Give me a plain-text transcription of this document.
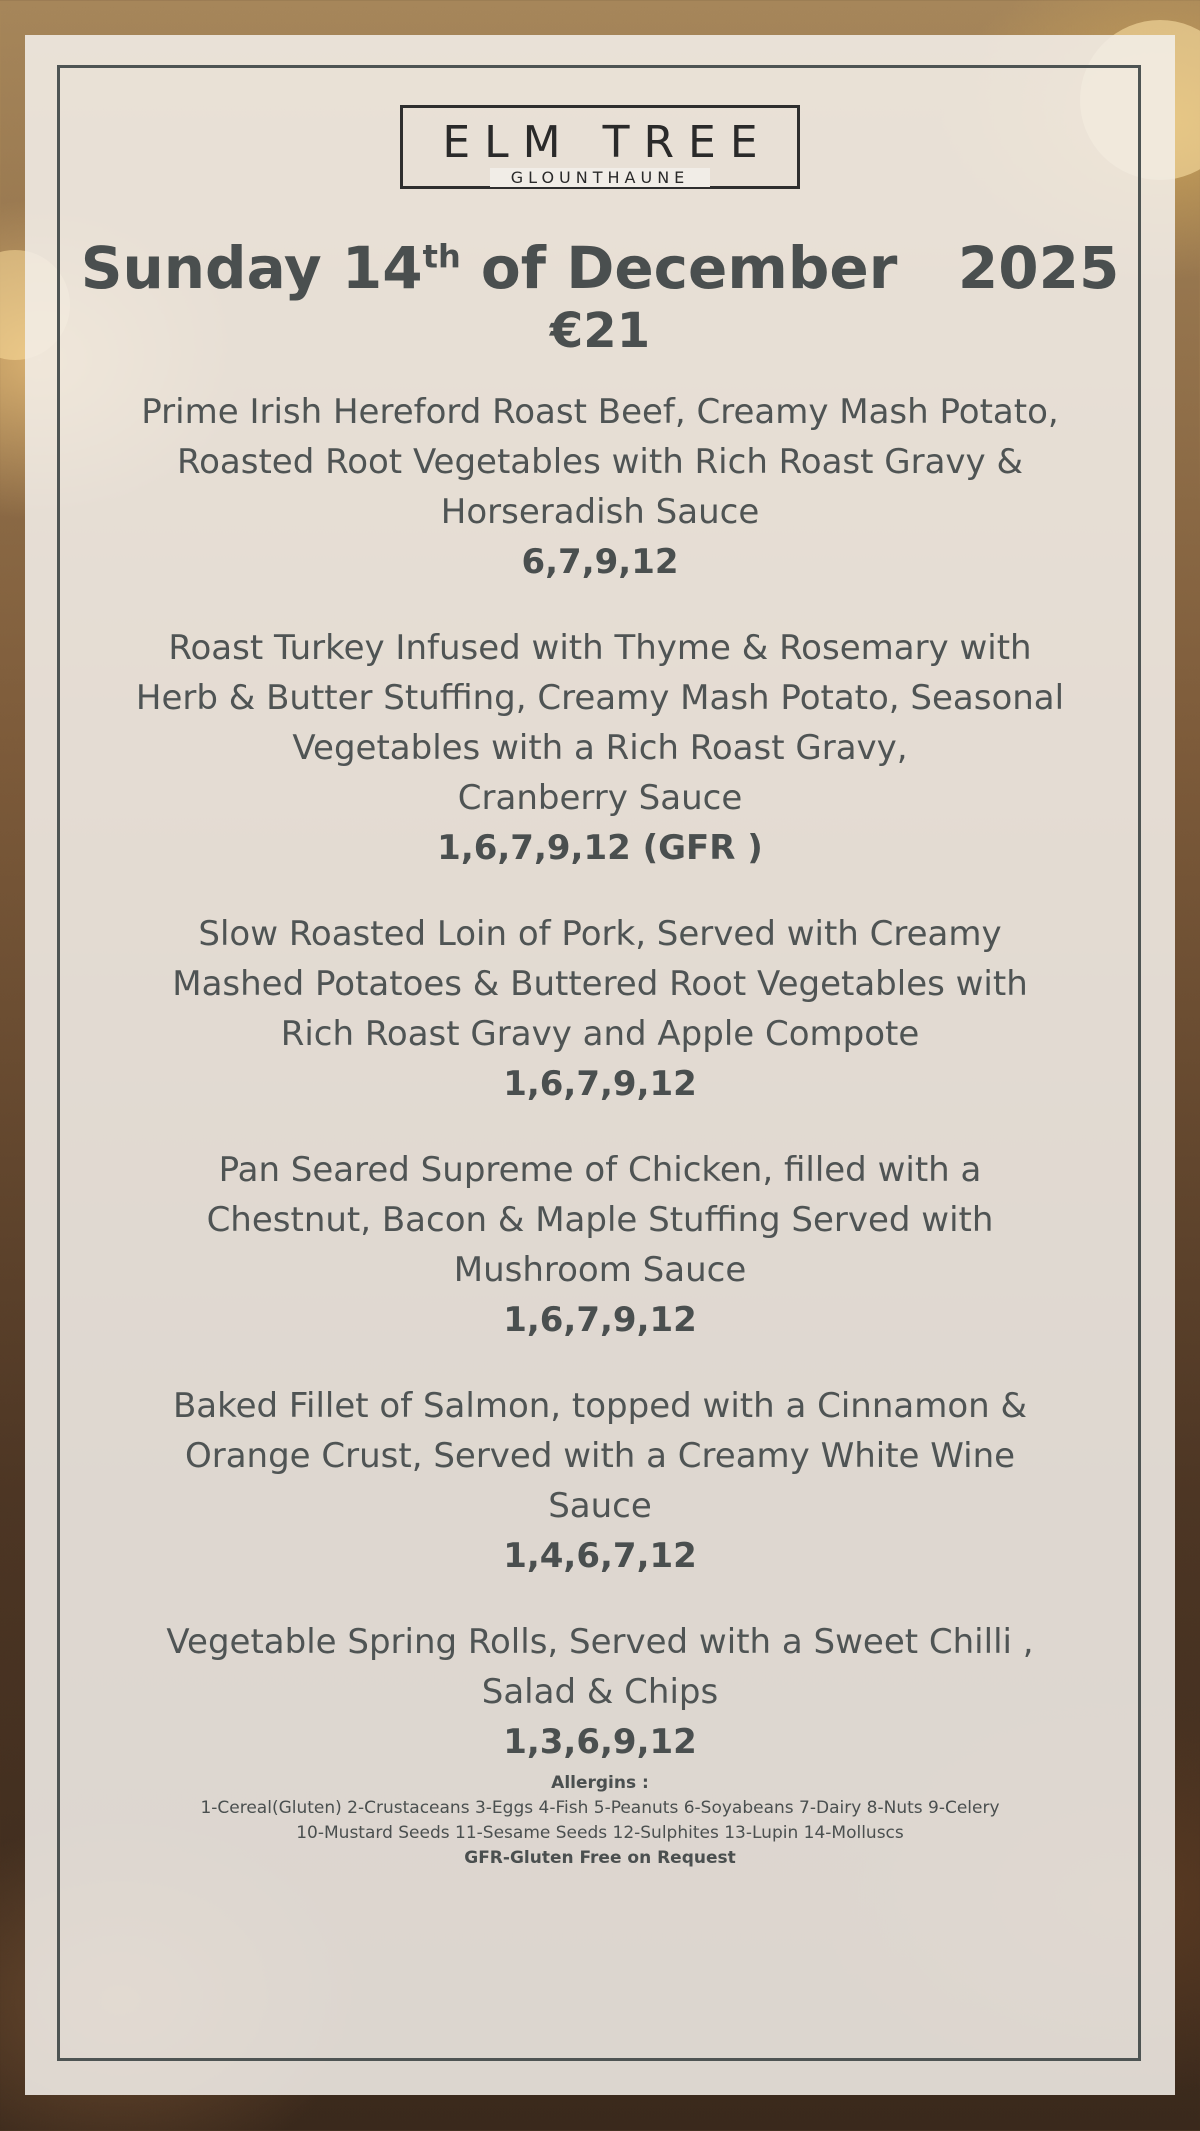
ELM TREE
GLOUNTHAUNE
Sunday 14th of December   2025
€21
Prime Irish Hereford Roast Beef, Creamy Mash Potato,
Roasted Root Vegetables with Rich Roast Gravy &
Horseradish Sauce
6,7,9,12
Roast Turkey Infused with Thyme & Rosemary with
Herb & Butter Stuffing, Creamy Mash Potato, Seasonal
Vegetables with a Rich Roast Gravy,
Cranberry Sauce
1,6,7,9,12 (GFR )
Slow Roasted Loin of Pork, Served with Creamy
Mashed Potatoes & Buttered Root Vegetables with
Rich Roast Gravy and Apple Compote
1,6,7,9,12
Pan Seared Supreme of Chicken, filled with a
Chestnut, Bacon & Maple Stuffing Served with
Mushroom Sauce
1,6,7,9,12
Baked Fillet of Salmon, topped with a Cinnamon &
Orange Crust, Served with a Creamy White Wine
Sauce
1,4,6,7,12
Vegetable Spring Rolls, Served with a Sweet Chilli ,
Salad & Chips
1,3,6,9,12
Allergins :
1-Cereal(Gluten) 2-Crustaceans 3-Eggs 4-Fish 5-Peanuts 6-Soyabeans 7-Dairy 8-Nuts 9-Celery
10-Mustard Seeds 11-Sesame Seeds 12-Sulphites 13-Lupin 14-Molluscs
GFR-Gluten Free on Request
